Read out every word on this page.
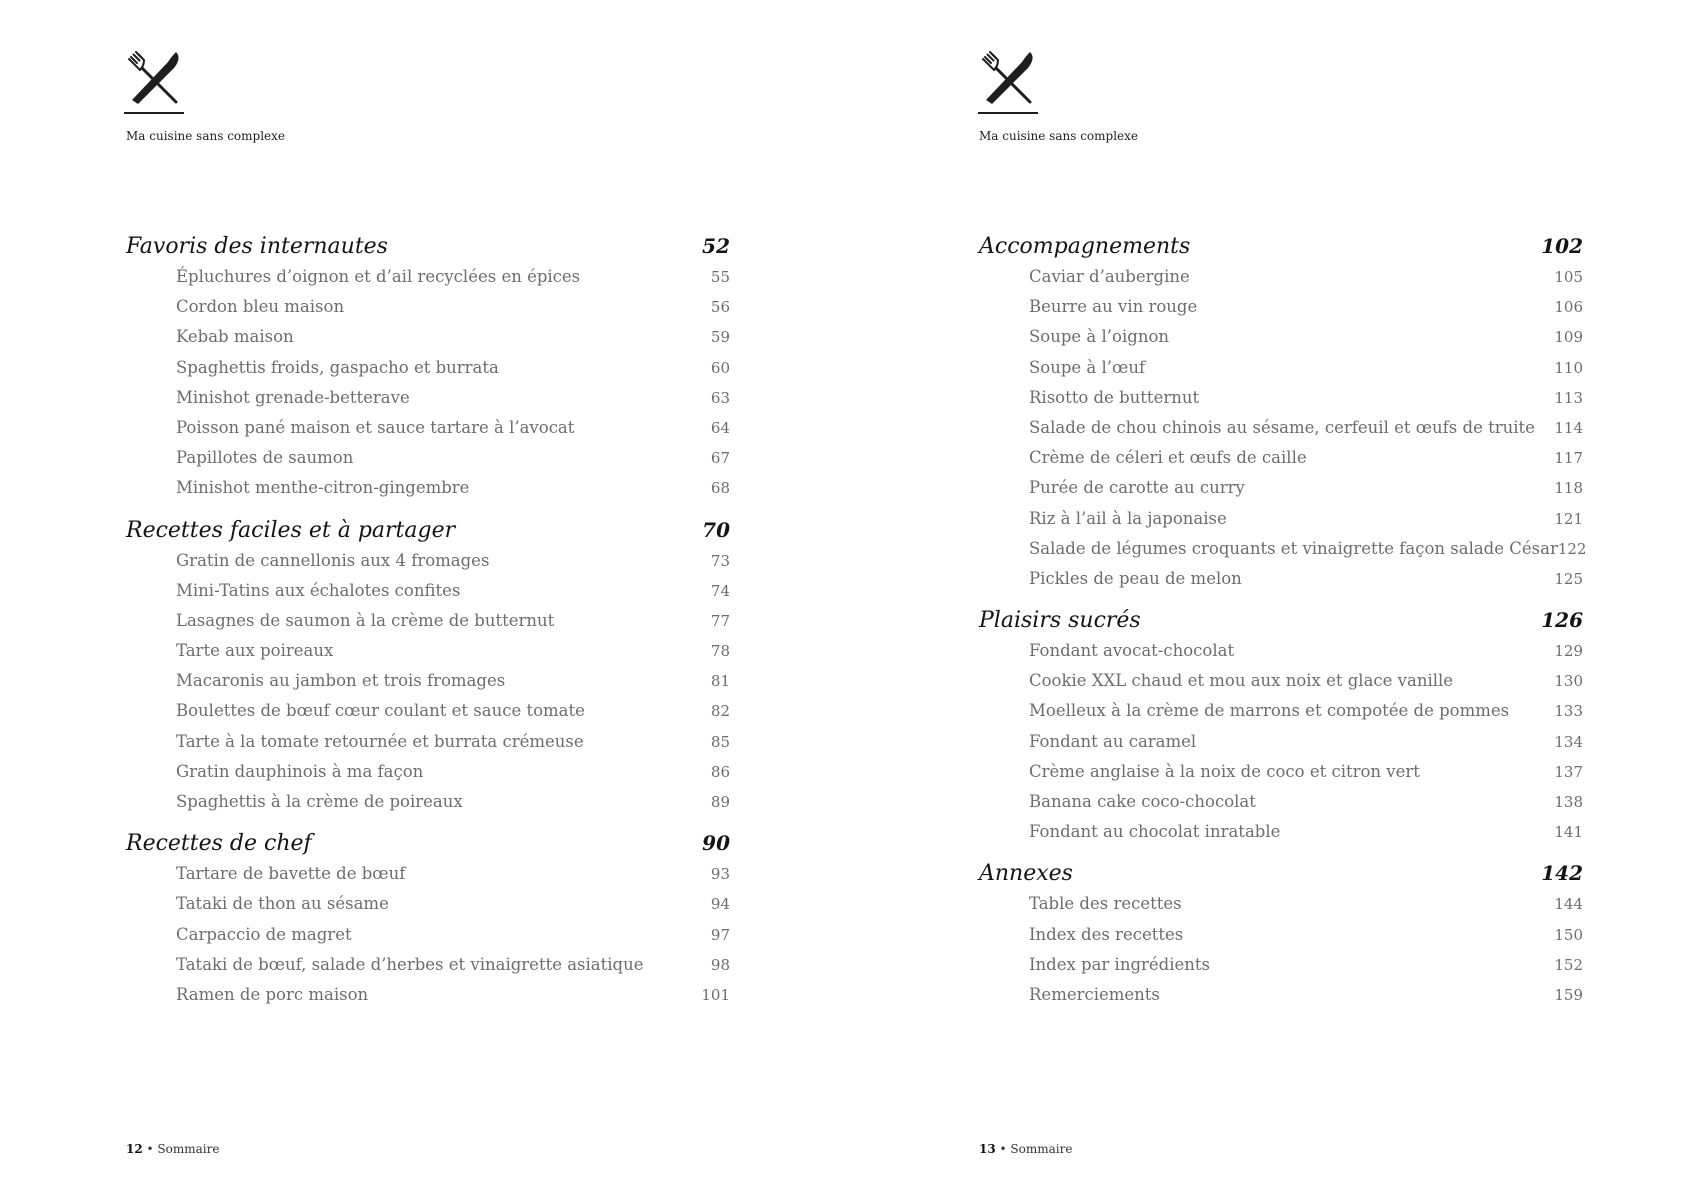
Ma cuisine sans complexe
Favoris des internautes	52
Épluchures d’oignon et d’ail recyclées en épices	55
Cordon bleu maison	56
Kebab maison	59
Spaghettis froids, gaspacho et burrata	60
Minishot grenade-betterave	63
Poisson pané maison et sauce tartare à l’avocat	64
Papillotes de saumon	67
Minishot menthe-citron-gingembre	68
Recettes faciles et à partager	70
Gratin de cannellonis aux 4 fromages	73
Mini-Tatins aux échalotes confites	74
Lasagnes de saumon à la crème de butternut	77
Tarte aux poireaux	78
Macaronis au jambon et trois fromages	81
Boulettes de bœuf cœur coulant et sauce tomate	82
Tarte à la tomate retournée et burrata crémeuse	85
Gratin dauphinois à ma façon	86
Spaghettis à la crème de poireaux	89
Recettes de chef	90
Tartare de bavette de bœuf	93
Tataki de thon au sésame	94
Carpaccio de magret	97
Tataki de bœuf, salade d’herbes et vinaigrette asiatique	98
Ramen de porc maison	101
12 • Sommaire
Ma cuisine sans complexe
Accompagnements	102
Caviar d’aubergine	105
Beurre au vin rouge	106
Soupe à l’oignon	109
Soupe à l’œuf	110
Risotto de butternut	113
Salade de chou chinois au sésame, cerfeuil et œufs de truite 114
Crème de céleri et œufs de caille	117
Purée de carotte au curry	118
Riz à l’ail à la japonaise	121
Salade de légumes croquants et vinaigrette façon salade César 122
Pickles de peau de melon	125
Plaisirs sucrés	126
Fondant avocat-chocolat	129
Cookie XXL chaud et mou aux noix et glace vanille	130
Moelleux à la crème de marrons et compotée de pommes	133
Fondant au caramel	134
Crème anglaise à la noix de coco et citron vert	137
Banana cake coco-chocolat	138
Fondant au chocolat inratable	141
Annexes	142
Table des recettes	144
Index des recettes	150
Index par ingrédients	152
Remerciements	159
13 • Sommaire
